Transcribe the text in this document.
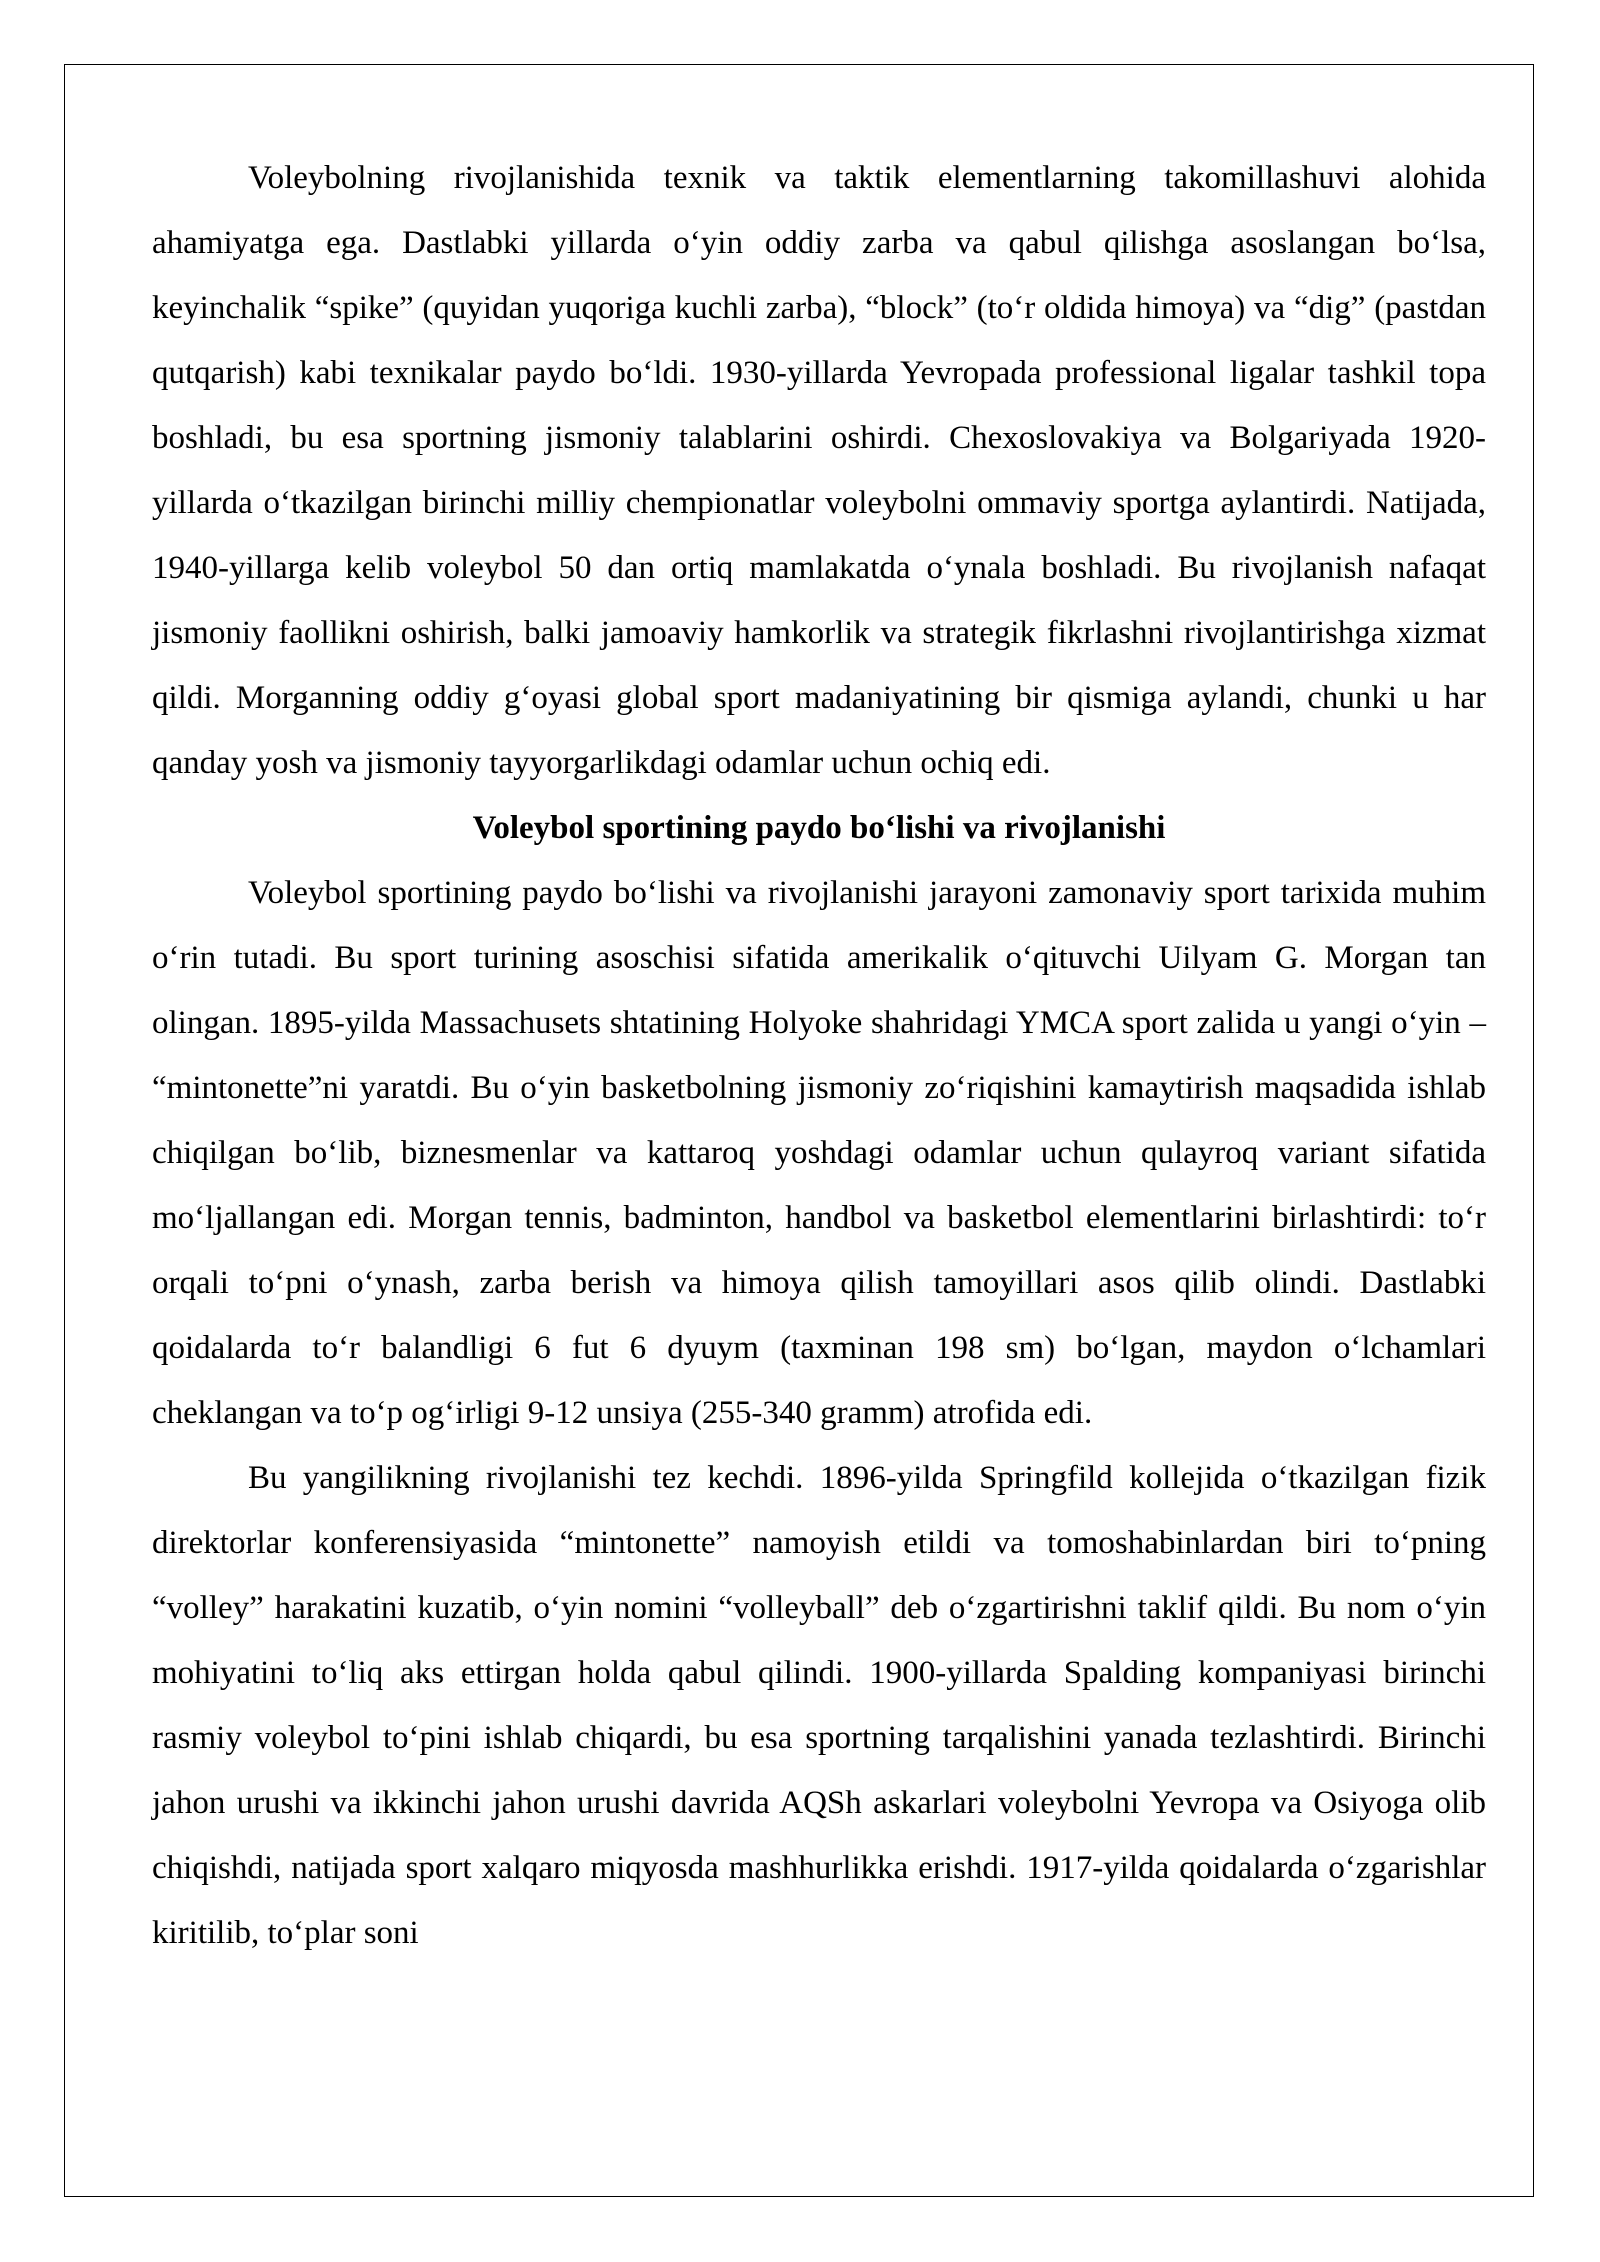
Voleybolning rivojlanishida texnik va taktik elementlarning takomillashuvi alohida ahamiyatga ega. Dastlabki yillarda o‘yin oddiy zarba va qabul qilishga asoslangan bo‘lsa, keyinchalik “spike” (quyidan yuqoriga kuchli zarba), “block” (to‘r oldida himoya) va “dig” (pastdan qutqarish) kabi texnikalar paydo bo‘ldi. 1930-yillarda Yevropada professional ligalar tashkil topa boshladi, bu esa sportning jismoniy talablarini oshirdi. Chexoslovakiya va Bolgariyada 1920-yillarda o‘tkazilgan birinchi milliy chempionatlar voleybolni ommaviy sportga aylantirdi. Natijada, 1940-yillarga kelib voleybol 50 dan ortiq mamlakatda o‘ynala boshladi. Bu rivojlanish nafaqat jismoniy faollikni oshirish, balki jamoaviy hamkorlik va strategik fikrlashni rivojlantirishga xizmat qildi. Morganning oddiy g‘oyasi global sport madaniyatining bir qismiga aylandi, chunki u har qanday yosh va jismoniy tayyorgarlikdagi odamlar uchun ochiq edi.

Voleybol sportining paydo bo‘lishi va rivojlanishi

Voleybol sportining paydo bo‘lishi va rivojlanishi jarayoni zamonaviy sport tarixida muhim o‘rin tutadi. Bu sport turining asoschisi sifatida amerikalik o‘qituvchi Uilyam G. Morgan tan olingan. 1895-yilda Massachusets shtatining Holyoke shahridagi YMCA sport zalida u yangi o‘yin – “mintonette”ni yaratdi. Bu o‘yin basketbolning jismoniy zo‘riqishini kamaytirish maqsadida ishlab chiqilgan bo‘lib, biznesmenlar va kattaroq yoshdagi odamlar uchun qulayroq variant sifatida mo‘ljallangan edi. Morgan tennis, badminton, handbol va basketbol elementlarini birlashtirdi: to‘r orqali to‘pni o‘ynash, zarba berish va himoya qilish tamoyillari asos qilib olindi. Dastlabki qoidalarda to‘r balandligi 6 fut 6 dyuym (taxminan 198 sm) bo‘lgan, maydon o‘lchamlari cheklangan va to‘p og‘irligi 9-12 unsiya (255-340 gramm) atrofida edi.

Bu yangilikning rivojlanishi tez kechdi. 1896-yilda Springfild kollejida o‘tkazilgan fizik direktorlar konferensiyasida “mintonette” namoyish etildi va tomoshabinlardan biri to‘pning “volley” harakatini kuzatib, o‘yin nomini “volleyball” deb o‘zgartirishni taklif qildi. Bu nom o‘yin mohiyatini to‘liq aks ettirgan holda qabul qilindi. 1900-yillarda Spalding kompaniyasi birinchi rasmiy voleybol to‘pini ishlab chiqardi, bu esa sportning tarqalishini yanada tezlashtirdi. Birinchi jahon urushi va ikkinchi jahon urushi davrida AQSh askarlari voleybolni Yevropa va Osiyoga olib chiqishdi, natijada sport xalqaro miqyosda mashhurlikka erishdi. 1917-yilda qoidalarda o‘zgarishlar kiritilib, to‘plar soni
